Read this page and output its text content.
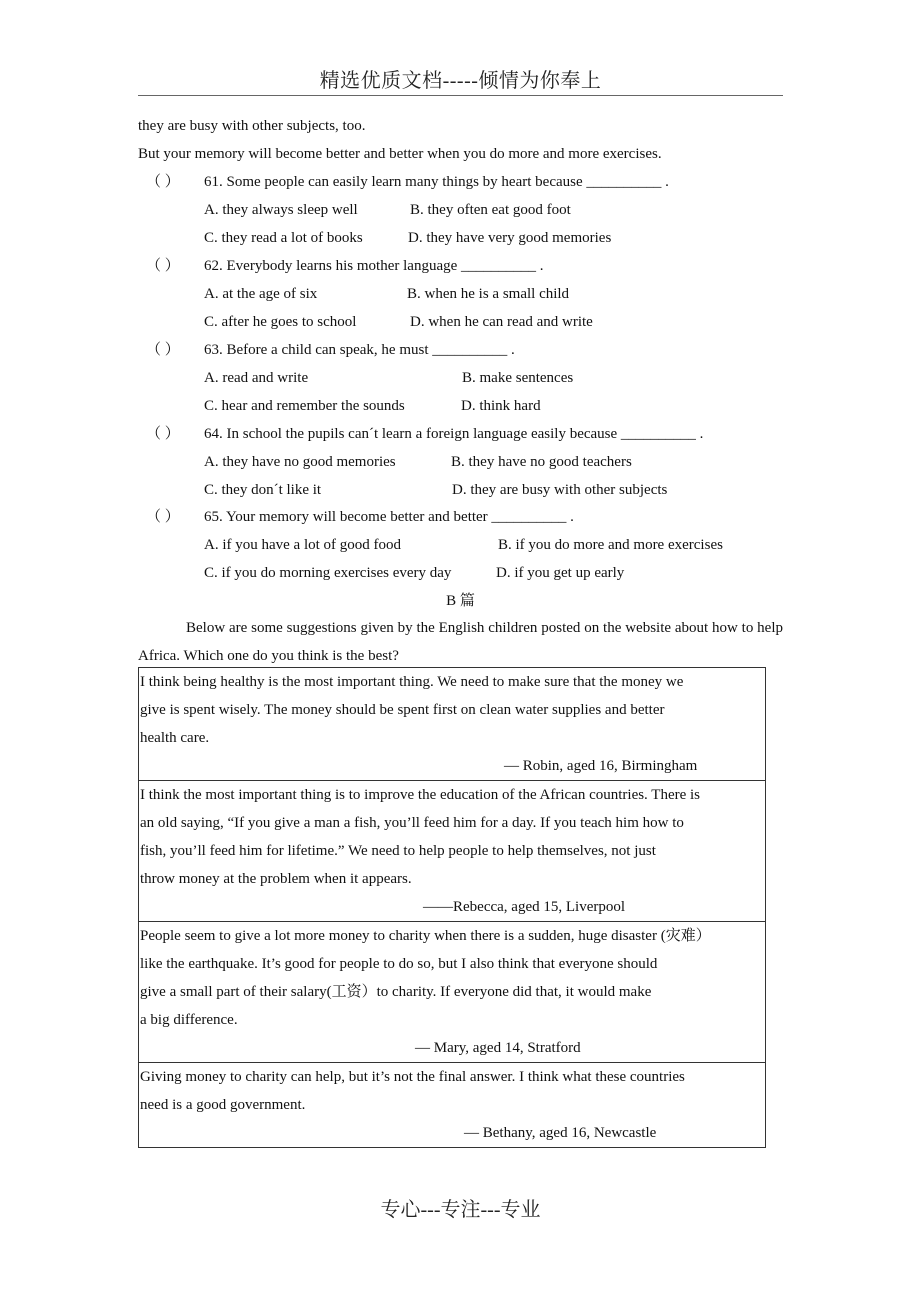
精选优质文档-----倾情为你奉上
they are busy with other subjects, too.
But your memory will become better and better when you do more and more exercises.
（ ） 61. Some people can easily learn many things by heart because __________ .
A. they always sleep well	B. they often eat good foot
C. they read a lot of books	D. they have very good memories
（ ） 62. Everybody learns his mother language __________ .
A. at the age of six	B. when he is a small child
C. after he goes to school	D. when he can read and write
（ ） 63. Before a child can speak, he must __________ .
A. read and write	B. make sentences
C. hear and remember the sounds	D. think hard
（ ） 64. In school the pupils can´t learn a foreign language easily because __________ .
A. they have no good memories	B. they have no good teachers
C. they don´t like it	D. they are busy with other subjects
（ ） 65. Your memory will become better and better __________ .
A. if you have a lot of good food	B. if you do more and more exercises
C. if you do morning exercises every day	D. if you get up early
B 篇
Below are some suggestions given by the English children posted on the website about how to help Africa. Which one do you think is the best?
I think being healthy is the most important thing. We need to make sure that the money we
give is spent wisely. The money should be spent first on clean water supplies and better
health care.
— Robin, aged 16, Birmingham

I think the most important thing is to improve the education of the African countries. There is
an old saying, “If you give a man a fish, you’ll feed him for a day. If you teach him how to
fish, you’ll feed him for lifetime.” We need to help people to help themselves, not just
throw money at the problem when it appears.
——Rebecca, aged 15, Liverpool

People seem to give a lot more money to charity when there is a sudden, huge disaster (灾难）
like the earthquake. It’s good for people to do so, but I also think that everyone should
give a small part of their salary(工资）to charity. If everyone did that, it would make
a big difference.
— Mary, aged 14, Stratford

Giving money to charity can help, but it’s not the final answer. I think what these countries
need is a good government.
— Bethany, aged 16, Newcastle
专心---专注---专业
